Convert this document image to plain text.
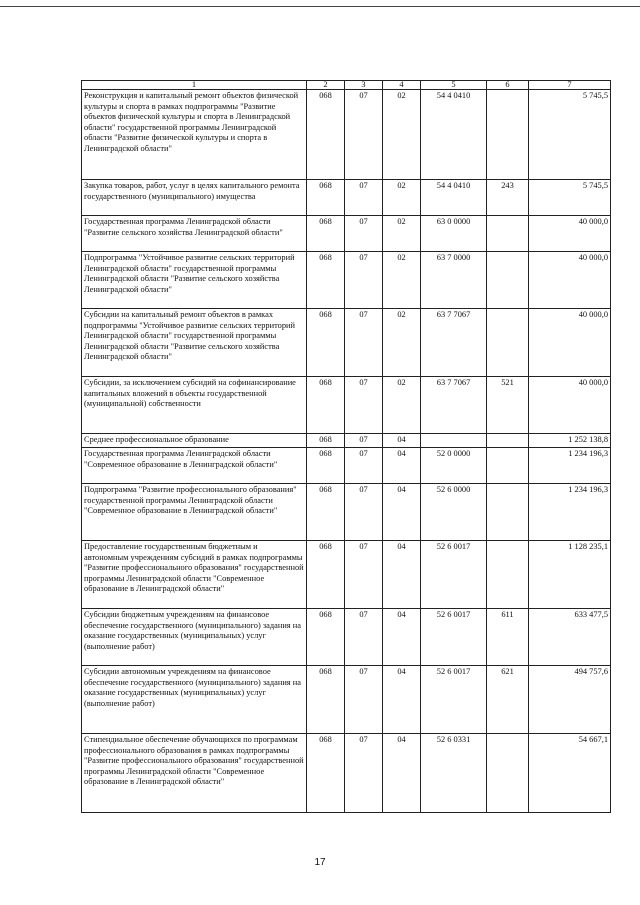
1	2	3	4	5	6	7
Реконструкция и капитальный ремонт объектов физической культуры и спорта в рамках подпрограммы "Развитие объектов физической культуры и спорта в Ленинградской области" государственной программы Ленинградской области "Развитие физической культуры и спорта в Ленинградской области"	068	07	02	54 4 0410		5 745,5
Закупка товаров, работ, услуг в целях капитального ремонта государственного (муниципального) имущества	068	07	02	54 4 0410	243	5 745,5
Государственная программа Ленинградской области "Развитие сельского хозяйства Ленинградской области"	068	07	02	63 0 0000		40 000,0
Подпрограмма "Устойчивое развитие сельских территорий Ленинградской области" государственной программы Ленинградской области "Развитие сельского хозяйства Ленинградской области"	068	07	02	63 7 0000		40 000,0
Субсидии на капитальный ремонт объектов в рамках подпрограммы "Устойчивое развитие сельских территорий Ленинградской области" государственной программы Ленинградской области "Развитие сельского хозяйства Ленинградской области"	068	07	02	63 7 7067		40 000,0
Субсидии, за исключением субсидий на софинансирование капитальных вложений в объекты государственной (муниципальной) собственности	068	07	02	63 7 7067	521	40 000,0
Среднее профессиональное образование	068	07	04			1 252 138,8
Государственная программа Ленинградской области "Современное образование в Ленинградской области"	068	07	04	52 0 0000		1 234 196,3
Подпрограмма "Развитие профессионального образования" государственной программы Ленинградской области "Современное образование в Ленинградской области"	068	07	04	52 6 0000		1 234 196,3
Предоставление государственным бюджетным и автономным учреждениям субсидий в рамках подпрограммы "Развитие профессионального образования" государственной программы Ленинградской области "Современное образование в Ленинградской области"	068	07	04	52 6 0017		1 128 235,1
Субсидии бюджетным учреждениям на финансовое обеспечение государственного (муниципального) задания на оказание государственных (муниципальных) услуг (выполнение работ)	068	07	04	52 6 0017	611	633 477,5
Субсидии автономным учреждениям на финансовое обеспечение государственного (муниципального) задания на оказание государственных (муниципальных) услуг (выполнение работ)	068	07	04	52 6 0017	621	494 757,6
Стипендиальное обеспечение обучающихся по программам профессионального образования в рамках подпрограммы "Развитие профессионального образования" государственной программы Ленинградской области "Современное образование в Ленинградской области"	068	07	04	52 6 0331		54 667,1
17
